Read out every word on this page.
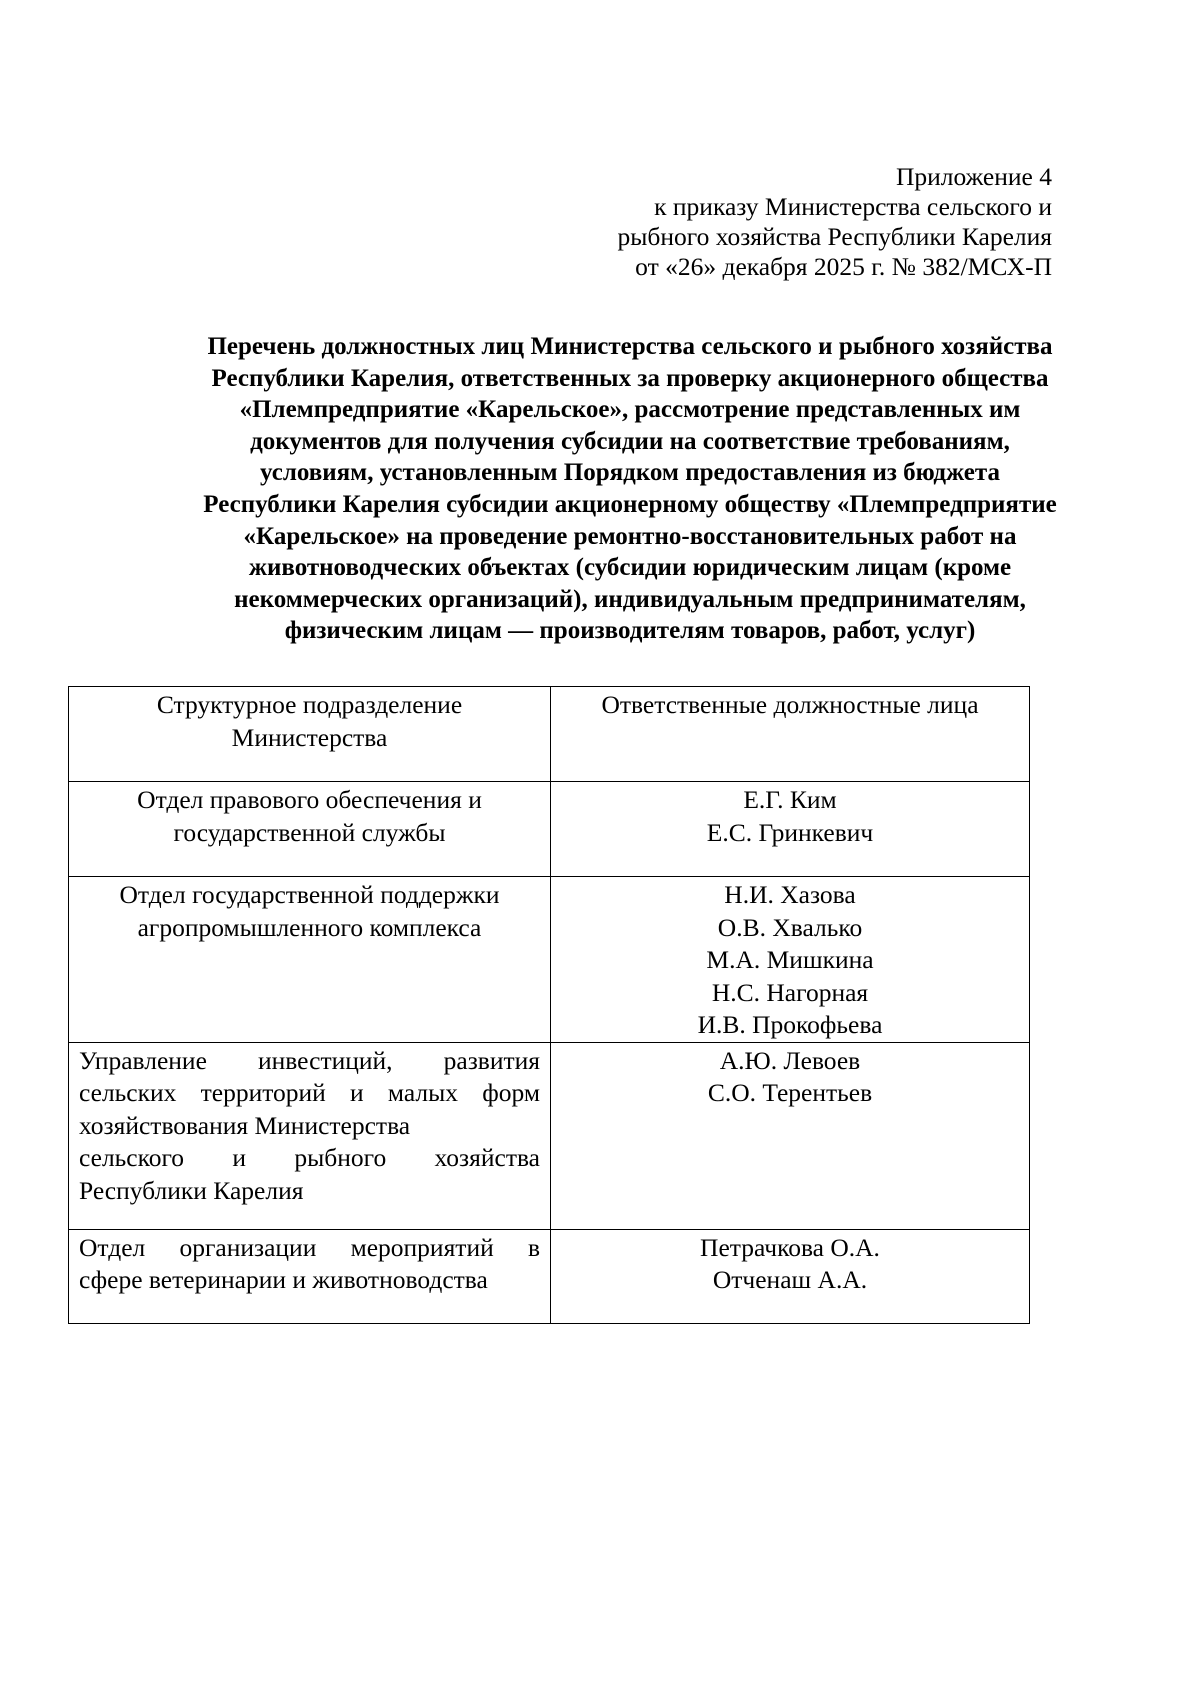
Приложение 4
к приказу Министерства сельского и
рыбного хозяйства Республики Карелия
от «26» декабря 2025 г. № 382/МСХ-П
Перечень должностных лиц Министерства сельского и рыбного хозяйства
Республики Карелия, ответственных за проверку акционерного общества
«Племпредприятие «Карельское», рассмотрение представленных им
документов для получения субсидии на соответствие требованиям,
условиям, установленным Порядком предоставления из бюджета
Республики Карелия субсидии акционерному обществу «Племпредприятие
«Карельское» на проведение ремонтно-восстановительных работ на
животноводческих объектах (субсидии юридическим лицам (кроме
некоммерческих организаций), индивидуальным предпринимателям,
физическим лицам — производителям товаров, работ, услуг)
Структурное подразделение
Министерства	Ответственные должностные лица

Отдел правового обеспечения и
государственной службы	Е.Г. Ким
Е.С. Гринкевич

Отдел государственной поддержки
агропромышленного комплекса	Н.И. Хазова
О.В. Хвалько
М.А. Мишкина
Н.С. Нагорная
И.В. Прокофьева

Управление инвестиций, развития
сельских территорий и малых форм
хозяйствования Министерства
сельского и рыбного хозяйства
Республики Карелия	А.Ю. Левоев
С.О. Терентьев

Отдел организации мероприятий в
сфере ветеринарии и животноводства	Петрачкова О.А.
Отченаш А.А.
